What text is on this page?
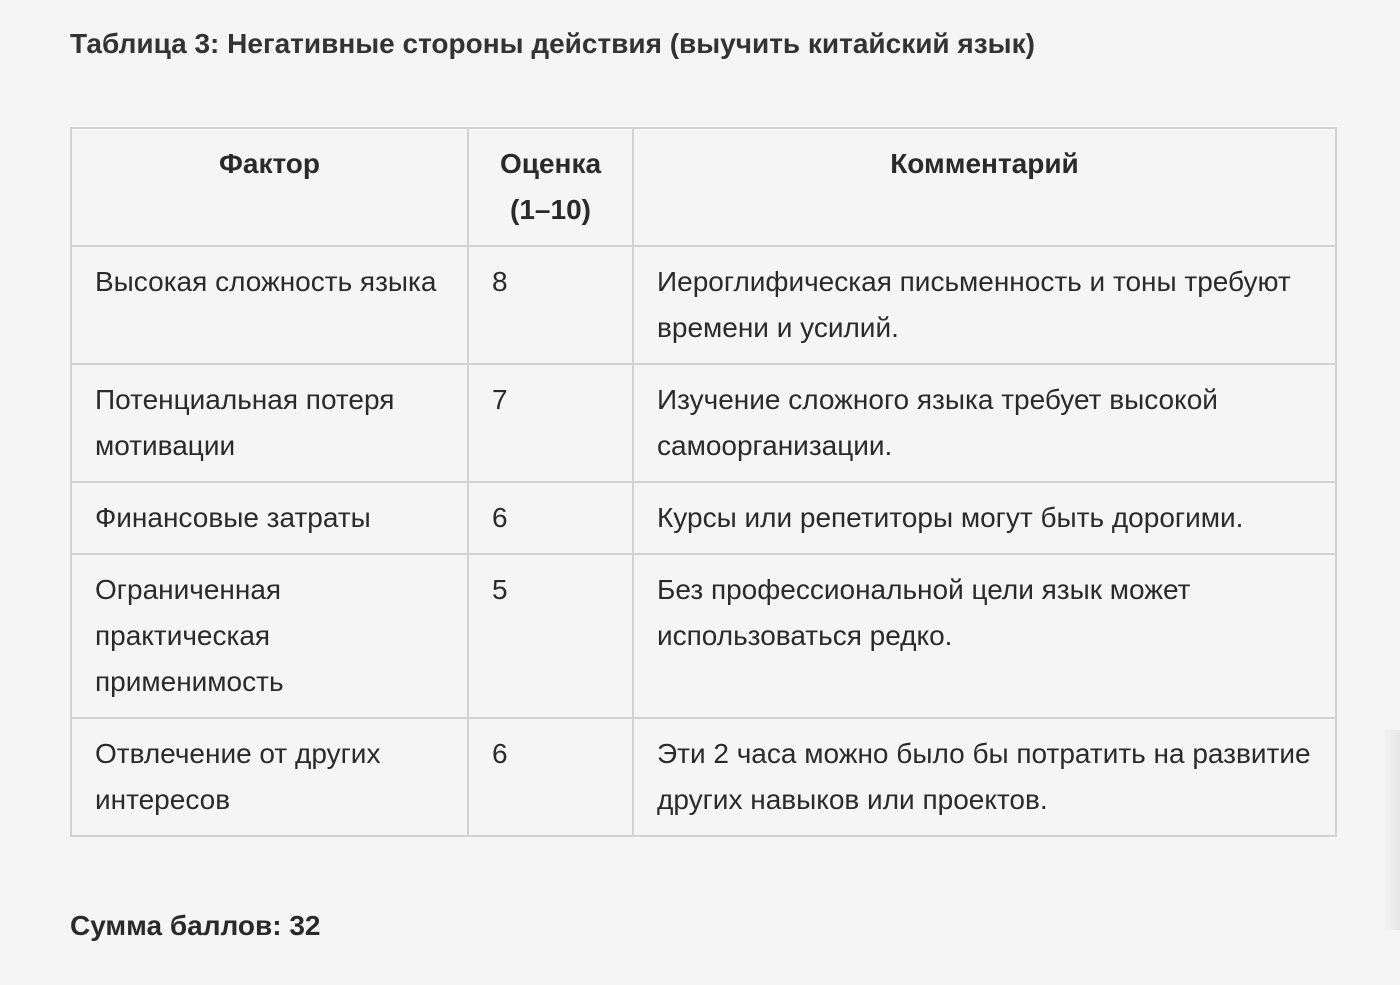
Таблица 3: Негативные стороны действия (выучить китайский язык)
Фактор	Оценка (1–10)	Комментарий
Высокая сложность языка	8	Иероглифическая письменность и тоны требуют времени и усилий.
Потенциальная потеря мотивации	7	Изучение сложного языка требует высокой самоорганизации.
Финансовые затраты	6	Курсы или репетиторы могут быть дорогими.
Ограниченная практическая применимость	5	Без профессиональной цели язык может использоваться редко.
Отвлечение от других интересов	6	Эти 2 часа можно было бы потратить на развитие других навыков или проектов.
Сумма баллов: 32
